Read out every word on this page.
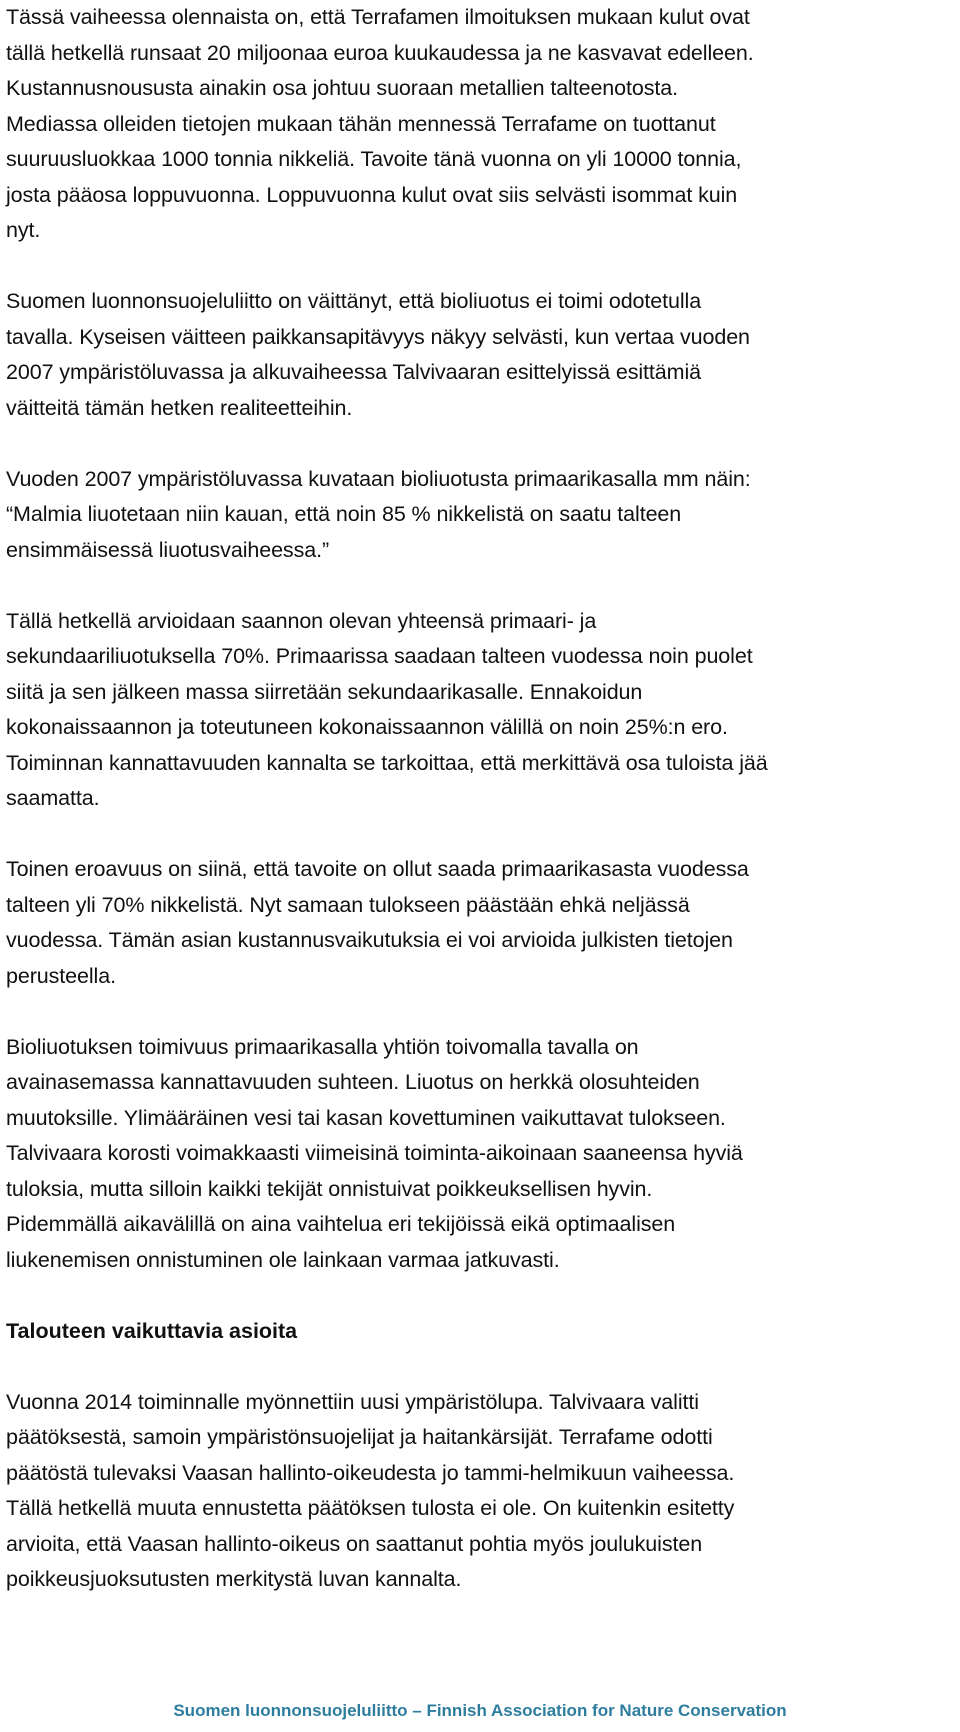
Tässä vaiheessa olennaista on, että Terrafamen ilmoituksen mukaan kulut ovat
tällä hetkellä runsaat 20 miljoonaa euroa kuukaudessa ja ne kasvavat edelleen.
Kustannusnoususta ainakin osa johtuu suoraan metallien talteenotosta.
Mediassa olleiden tietojen mukaan tähän mennessä Terrafame on tuottanut
suuruusluokkaa 1000 tonnia nikkeliä. Tavoite tänä vuonna on yli 10000 tonnia,
josta pääosa loppuvuonna. Loppuvuonna kulut ovat siis selvästi isommat kuin
nyt.

Suomen luonnonsuojeluliitto on väittänyt, että bioliuotus ei toimi odotetulla
tavalla. Kyseisen väitteen paikkansapitävyys näkyy selvästi, kun vertaa vuoden
2007 ympäristöluvassa ja alkuvaiheessa Talvivaaran esittelyissä esittämiä
väitteitä tämän hetken realiteetteihin.

Vuoden 2007 ympäristöluvassa kuvataan bioliuotusta primaarikasalla mm näin:
“Malmia liuotetaan niin kauan, että noin 85 % nikkelistä on saatu talteen
ensimmäisessä liuotusvaiheessa.”

Tällä hetkellä arvioidaan saannon olevan yhteensä primaari- ja
sekundaariliuotuksella 70%. Primaarissa saadaan talteen vuodessa noin puolet
siitä ja sen jälkeen massa siirretään sekundaarikasalle. Ennakoidun
kokonaissaannon ja toteutuneen kokonaissaannon välillä on noin 25%:n ero.
Toiminnan kannattavuuden kannalta se tarkoittaa, että merkittävä osa tuloista jää
saamatta.

Toinen eroavuus on siinä, että tavoite on ollut saada primaarikasasta vuodessa
talteen yli 70% nikkelistä. Nyt samaan tulokseen päästään ehkä neljässä
vuodessa. Tämän asian kustannusvaikutuksia ei voi arvioida julkisten tietojen
perusteella.

Bioliuotuksen toimivuus primaarikasalla yhtiön toivomalla tavalla on
avainasemassa kannattavuuden suhteen. Liuotus on herkkä olosuhteiden
muutoksille. Ylimääräinen vesi tai kasan kovettuminen vaikuttavat tulokseen.
Talvivaara korosti voimakkaasti viimeisinä toiminta-aikoinaan saaneensa hyviä
tuloksia, mutta silloin kaikki tekijät onnistuivat poikkeuksellisen hyvin.
Pidemmällä aikavälillä on aina vaihtelua eri tekijöissä eikä optimaalisen
liukenemisen onnistuminen ole lainkaan varmaa jatkuvasti.

Talouteen vaikuttavia asioita

Vuonna 2014 toiminnalle myönnettiin uusi ympäristölupa. Talvivaara valitti
päätöksestä, samoin ympäristönsuojelijat ja haitankärsijät. Terrafame odotti
päätöstä tulevaksi Vaasan hallinto-oikeudesta jo tammi-helmikuun vaiheessa.
Tällä hetkellä muuta ennustetta päätöksen tulosta ei ole. On kuitenkin esitetty
arvioita, että Vaasan hallinto-oikeus on saattanut pohtia myös joulukuisten
poikkeusjuoksutusten merkitystä luvan kannalta.

Suomen luonnonsuojeluliitto – Finnish Association for Nature Conservation
